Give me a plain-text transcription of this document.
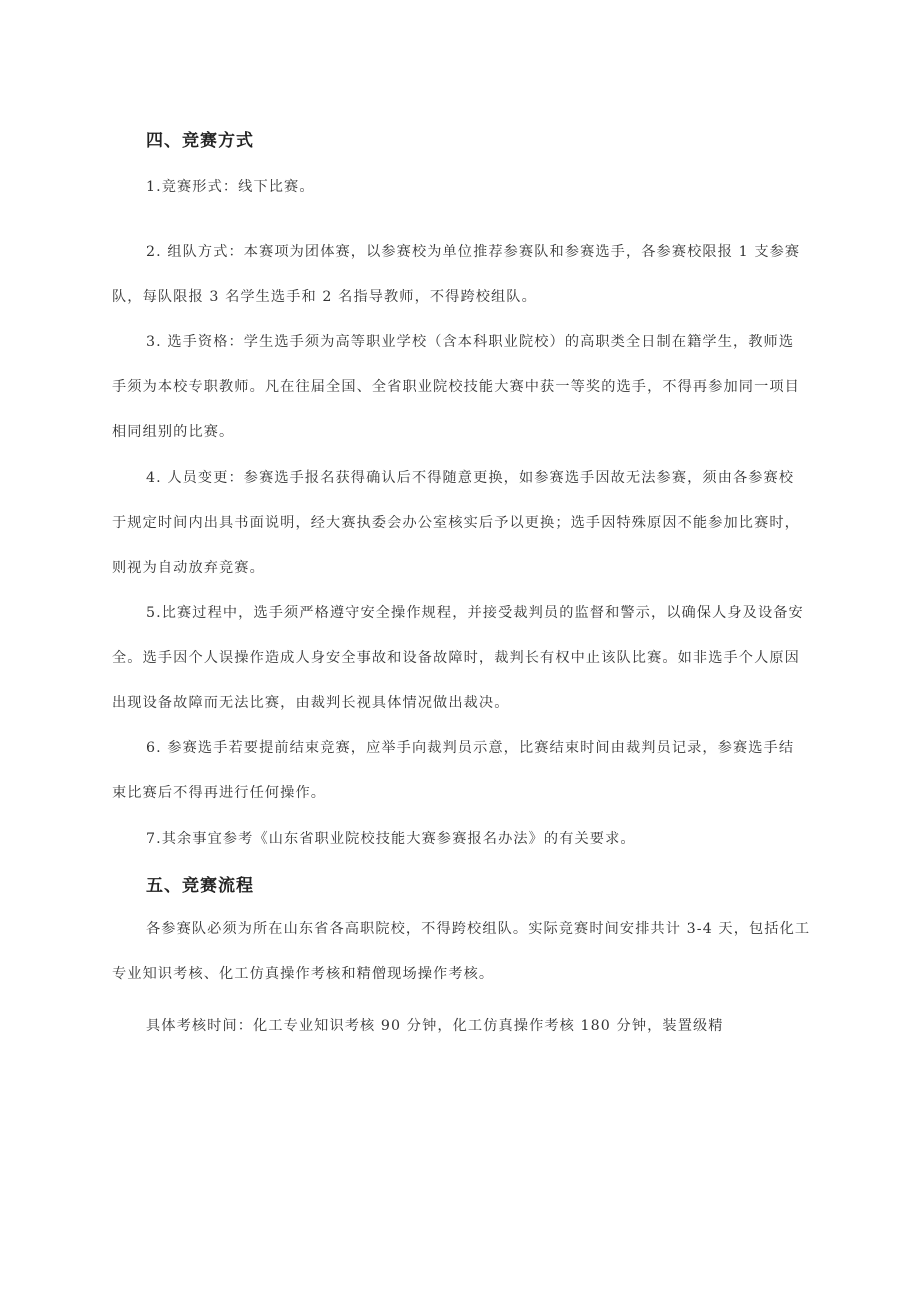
四、竞赛方式

1.竞赛形式：线下比赛。

2. 组队方式：本赛项为团体赛，以参赛校为单位推荐参赛队和参赛选手，各参赛校限报 1 支参赛

队，每队限报 3 名学生选手和 2 名指导教师，不得跨校组队。

3. 选手资格：学生选手须为高等职业学校（含本科职业院校）的高职类全日制在籍学生，教师选

手须为本校专职教师。凡在往届全国、全省职业院校技能大赛中获一等奖的选手，不得再参加同一项目

相同组别的比赛。

4. 人员变更：参赛选手报名获得确认后不得随意更换，如参赛选手因故无法参赛，须由各参赛校

于规定时间内出具书面说明，经大赛执委会办公室核实后予以更换；选手因特殊原因不能参加比赛时，

则视为自动放弃竞赛。

5.比赛过程中，选手须严格遵守安全操作规程，并接受裁判员的监督和警示，以确保人身及设备安

全。选手因个人误操作造成人身安全事故和设备故障时，裁判长有权中止该队比赛。如非选手个人原因

出现设备故障而无法比赛，由裁判长视具体情况做出裁决。

6. 参赛选手若要提前结束竞赛，应举手向裁判员示意，比赛结束时间由裁判员记录，参赛选手结

束比赛后不得再进行任何操作。

7.其余事宜参考《山东省职业院校技能大赛参赛报名办法》的有关要求。

五、竞赛流程

各参赛队必须为所在山东省各高职院校，不得跨校组队。实际竞赛时间安排共计 3-4 天，包括化工

专业知识考核、化工仿真操作考核和精僧现场操作考核。

具体考核时间：化工专业知识考核 90 分钟，化工仿真操作考核 180 分钟，装置级精
